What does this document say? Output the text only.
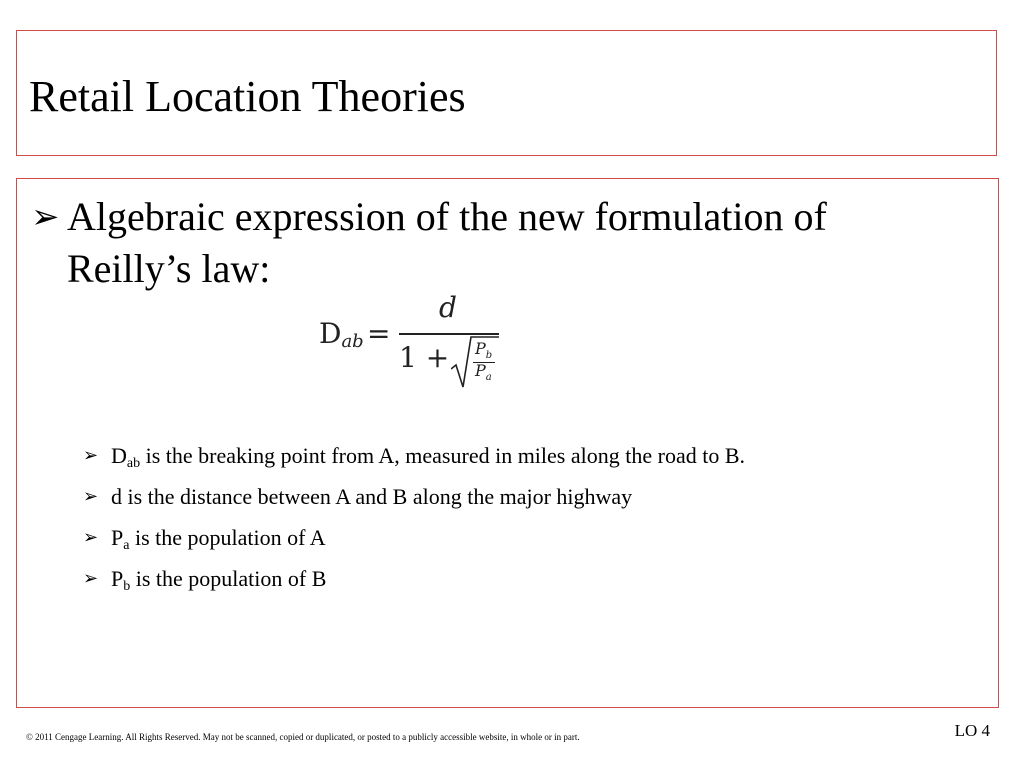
Retail Location Theories
➢ Algebraic expression of the new formulation of Reilly’s law:
$D_{ab}$ =
d
$1 + P_b$
$P_a$
➢ $D_{ab}$ is the breaking point from A, measured in miles along the road to B.
➢ d is the distance between A and B along the major highway
➢ $P_a$ is the population of A
➢ $P_b$ is the population of B
© 2011 Cengage Learning. All Rights Reserved. May not be scanned, copied or duplicated, or posted to a publicly accessible website, in whole or in part.	LO 4
